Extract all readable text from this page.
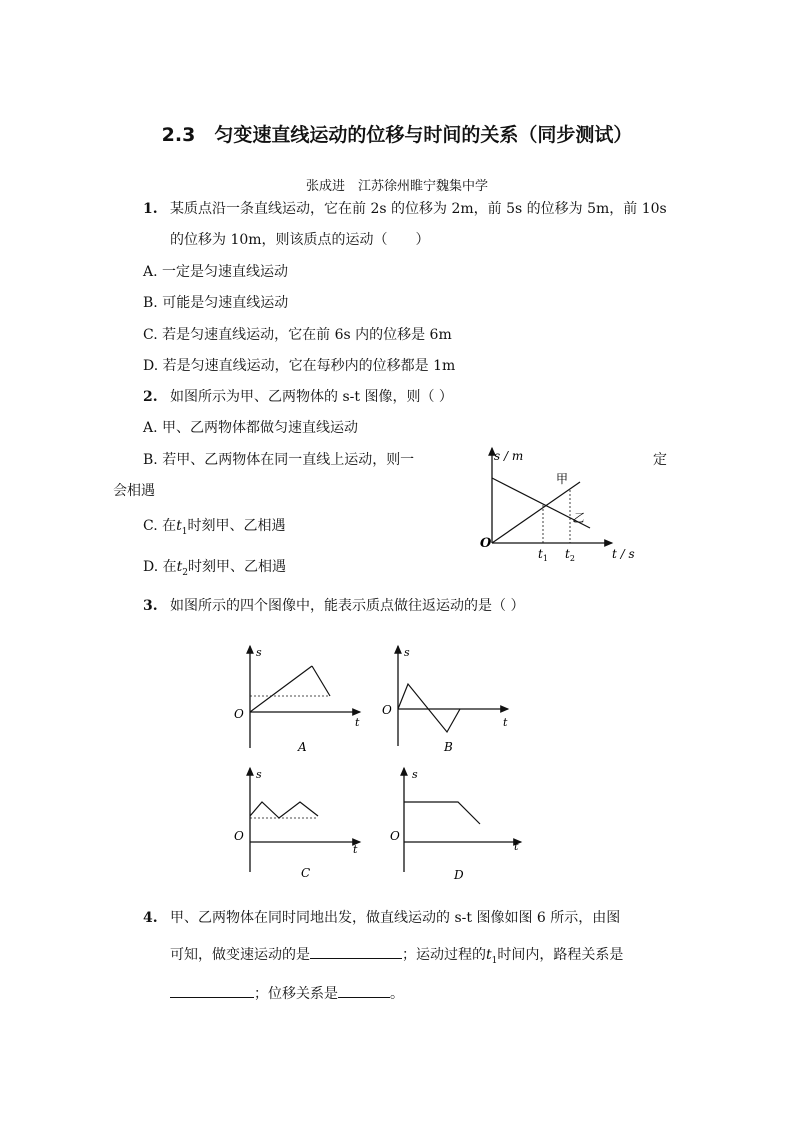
2.3　匀变速直线运动的位移与时间的关系（同步测试）
张成进　江苏徐州睢宁魏集中学
1. 某质点沿一条直线运动，它在前 2s 的位移为 2m，前 5s 的位移为 5m，前 10s
的位移为 10m，则该质点的运动（　　）
A. 一定是匀速直线运动
B. 可能是匀速直线运动
C. 若是匀速直线运动，它在前 6s 内的位移是 6m
D. 若是匀速直线运动，它在每秒内的位移都是 1m
2. 如图所示为甲、乙两物体的 s-t 图像，则（ ）
A. 甲、乙两物体都做匀速直线运动
B. 若甲、乙两物体在同一直线上运动，则一	定
会相遇
C. 在$t_1$时刻甲、乙相遇
D. 在$t_2$时刻甲、乙相遇
s / m
O
t / s
$t_1$ $t_2$
甲
乙
3. 如图所示的四个图像中，能表示质点做往返运动的是（ ）
s
O
t
A
s
O
t
B
s
O
t
C
s
O
t
D
4. 甲、乙两物体在同时同地出发，做直线运动的 s-t 图像如图 6 所示，由图
可知，做变速运动的是	；运动过程的$t_1$时间内，路程关系是
；位移关系是	。
